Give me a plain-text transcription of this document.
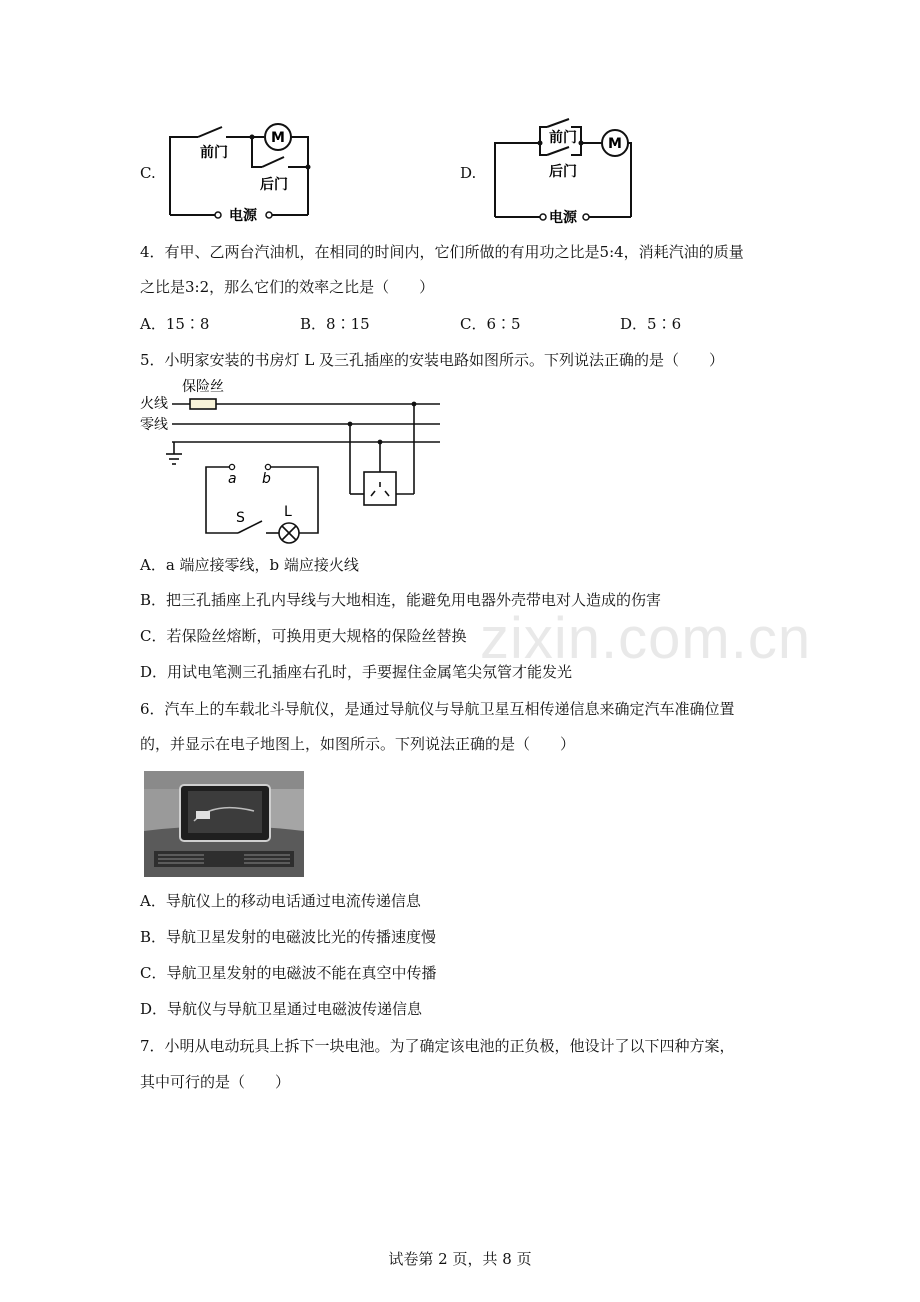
zixin.com.cn
C.
M
前门
后门
电源
D.
M
前门
后门
电源
4．有甲、乙两台汽油机，在相同的时间内，它们所做的有用功之比是5:4，消耗汽油的质量
之比是3:2，那么它们的效率之比是（　　）
A．15∶8	B．8∶15	C．6∶5	D．5∶6
5．小明家安装的书房灯 L 及三孔插座的安装电路如图所示。下列说法正确的是（　　）
保险丝
火线
零线
a b
S	L
A．a 端应接零线，b 端应接火线
B．把三孔插座上孔内导线与大地相连，能避免用电器外壳带电对人造成的伤害
C．若保险丝熔断，可换用更大规格的保险丝替换
D．用试电笔测三孔插座右孔时，手要握住金属笔尖氖管才能发光
6．汽车上的车载北斗导航仪，是通过导航仪与导航卫星互相传递信息来确定汽车准确位置
的，并显示在电子地图上，如图所示。下列说法正确的是（　　）
A．导航仪上的移动电话通过电流传递信息
B．导航卫星发射的电磁波比光的传播速度慢
C．导航卫星发射的电磁波不能在真空中传播
D．导航仪与导航卫星通过电磁波传递信息
7．小明从电动玩具上拆下一块电池。为了确定该电池的正负极，他设计了以下四种方案，
其中可行的是（　　）
试卷第 2 页，共 8 页
